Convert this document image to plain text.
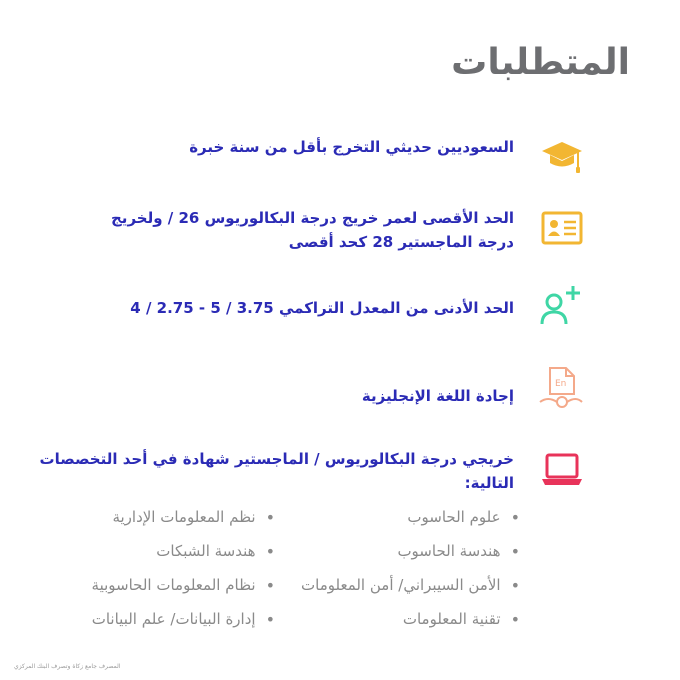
المتطلبات
السعوديين حديثي التخرج بأقل من سنة خبرة
الحد الأقصى لعمر خريج درجة البكالوريوس 26 / ولخريج
درجة الماجستير 28 كحد أقصى
الحد الأدنى من المعدل التراكمي 3.75 / 5 - 2.75 / 4
En
إجادة اللغة الإنجليزية
خريجي درجة البكالوريوس / الماجستير شهادة في أحد التخصصات
التالية:
• علوم الحاسوب
• نظم المعلومات الإدارية
• هندسة الحاسوب
• هندسة الشبكات
• الأمن السيبراني/ أمن المعلومات
• نظام المعلومات الحاسوبية
• تقنية المعلومات
• إدارة البيانات/ علم البيانات
المصرف جامع زكاة وتصرف البنك المركزي
